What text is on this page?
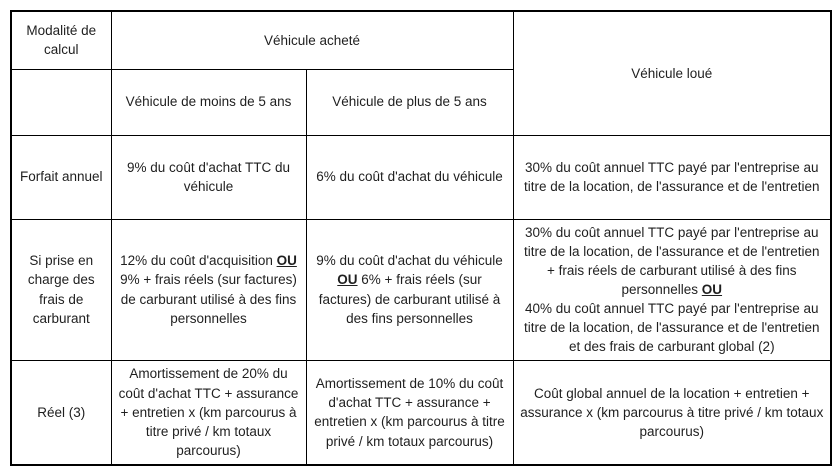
Modalité de calcul	Véhicule acheté		Véhicule loué
	Véhicule de moins de 5 ans	Véhicule de plus de 5 ans	
Forfait annuel	9% du coût d'achat TTC du véhicule	6% du coût d'achat du véhicule	30% du coût annuel TTC payé par l'entreprise au titre de la location, de l'assurance et de l'entretien
Si prise en charge des frais de carburant	12% du coût d'acquisition OU 9% + frais réels (sur factures) de carburant utilisé à des fins personnelles	9% du coût d'achat du véhicule OU 6% + frais réels (sur factures) de carburant utilisé à des fins personnelles	30% du coût annuel TTC payé par l'entreprise au titre de la location, de l'assurance et de l'entretien + frais réels de carburant utilisé à des fins personnelles OU
40% du coût annuel TTC payé par l'entreprise au titre de la location, de l'assurance et de l'entretien et des frais de carburant global (2)
Réel (3)	Amortissement de 20% du coût d'achat TTC + assurance + entretien x (km parcourus à titre privé / km totaux parcourus)	Amortissement de 10% du coût d'achat TTC + assurance + entretien x (km parcourus à titre privé / km totaux parcourus)	Coût global annuel de la location + entretien + assurance x (km parcourus à titre privé / km totaux parcourus)
